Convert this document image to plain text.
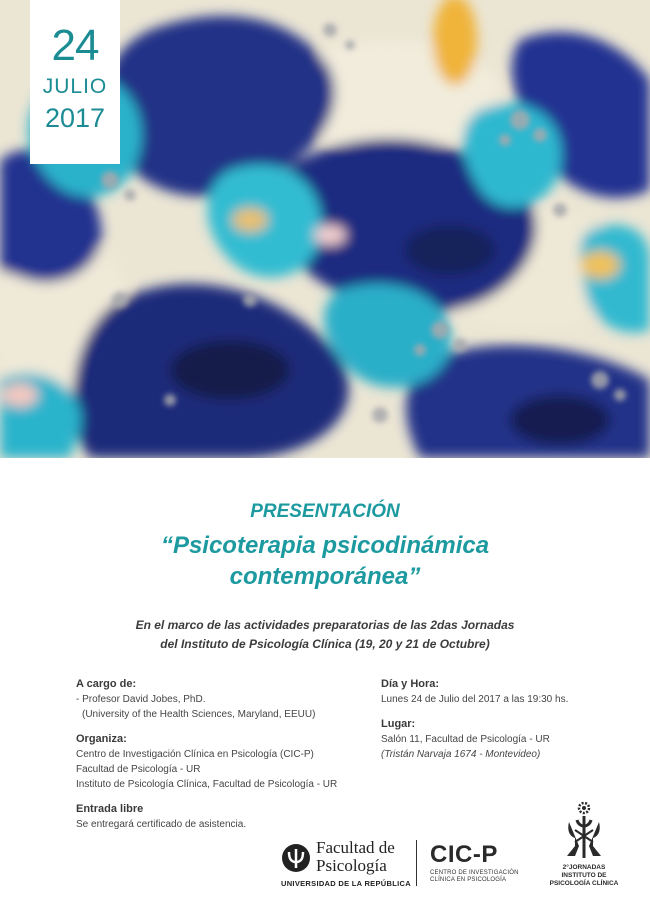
24
JULIO
2017
PRESENTACIÓN
“Psicoterapia psicodinámica
contemporánea”
En el marco de las actividades preparatorias de las 2das Jornadas
del Instituto de Psicología Clínica (19, 20 y 21 de Octubre)
A cargo de:
- Profesor David Jobes, PhD.
(University of the Health Sciences, Maryland, EEUU)
Organiza:
Centro de Investigación Clínica en Psicología (CIC-P)
Facultad de Psicología - UR
Instituto de Psicología Clínica, Facultad de Psicología - UR
Entrada libre
Se entregará certificado de asistencia.
Día y Hora:
Lunes 24 de Julio del 2017 a las 19:30 hs.
Lugar:
Salón 11, Facultad de Psicología - UR
(Tristán Narvaja 1674 - Montevideo)
Facultad de
Psicología
UNIVERSIDAD DE LA REPÚBLICA
CIC-P
CENTRO DE INVESTIGACIÓN
CLÍNICA EN PSICOLOGÍA
2°JORNADAS
INSTITUTO DE
PSICOLOGÍA CLÍNICA
